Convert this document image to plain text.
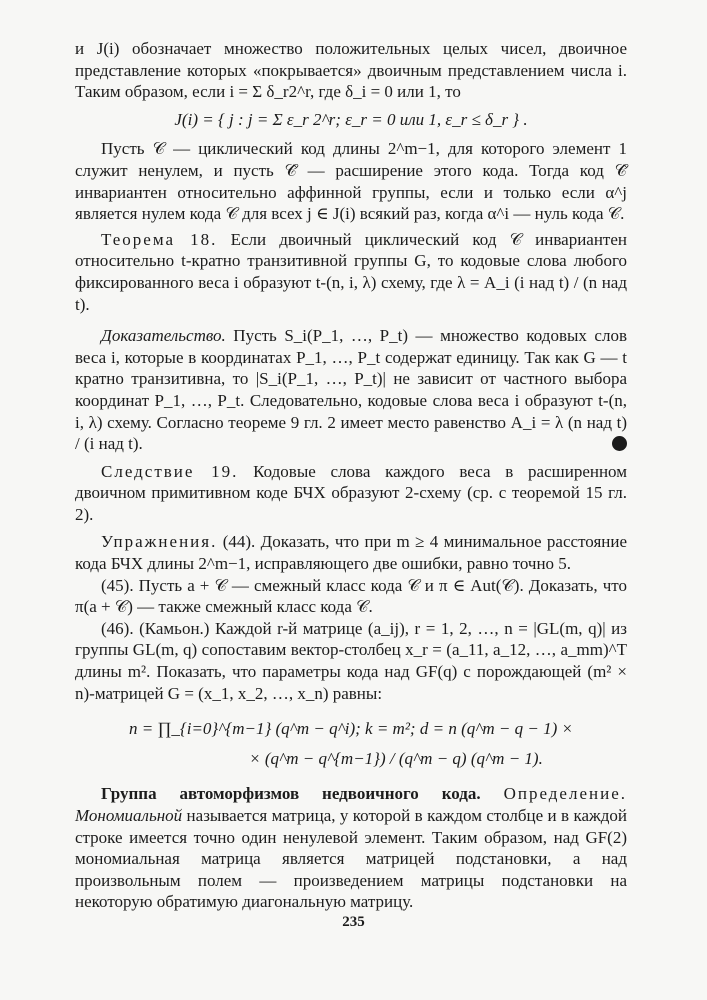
и J(i) обозначает множество положительных целых чисел, двоичное представление которых «покрывается» двоичным представлением числа i. Таким образом, если i = Σ δ_r2^r, где δ_i = 0 или 1, то

J(i) = { j : j = Σ ε_r 2^r; ε_r = 0 или 1, ε_r ≤ δ_r } .

Пусть 𝒞 — циклический код длины 2^m−1, для которого элемент 1 служит ненулем, и пусть 𝒞̂ — расширение этого кода. Тогда код 𝒞̂ инвариантен относительно аффинной группы, если и только если α^j является нулем кода 𝒞 для всех j ∈ J(i) всякий раз, когда α^i — нуль кода 𝒞.

Теорема 18. Если двоичный циклический код 𝒞 инвариантен относительно t-кратно транзитивной группы G, то кодовые слова любого фиксированного веса i образуют t-(n, i, λ) схему, где λ = A_i (i над t) / (n над t).

Доказательство. Пусть S_i(P_1, …, P_t) — множество кодовых слов веса i, которые в координатах P_1, …, P_t содержат единицу. Так как G — t кратно транзитивна, то |S_i(P_1, …, P_t)| не зависит от частного выбора координат P_1, …, P_t. Следовательно, кодовые слова веса i образуют t-(n, i, λ) схему. Согласно теореме 9 гл. 2 имеет место равенство A_i = λ (n над t) / (i над t).

Следствие 19. Кодовые слова каждого веса в расширенном двоичном примитивном коде БЧХ образуют 2-схему (ср. с теоремой 15 гл. 2).

Упражнения. (44). Доказать, что при m ≥ 4 минимальное расстояние кода БЧХ длины 2^m−1, исправляющего две ошибки, равно точно 5.

(45). Пусть a + 𝒞 — смежный класс кода 𝒞 и π ∈ Aut(𝒞). Доказать, что π(a + 𝒞) — также смежный класс кода 𝒞.

(46). (Камьон.) Каждой r-й матрице (a_ij), r = 1, 2, …, n = |GL(m, q)| из группы GL(m, q) сопоставим вектор-столбец x_r = (a_11, a_12, …, a_mm)^T длины m². Показать, что параметры кода над GF(q) с порождающей (m² × n)-матрицей G = (x_1, x_2, …, x_n) равны:

n = ∏_{i=0}^{m−1} (q^m − q^i); k = m²; d = n (q^m − q − 1) ×

× (q^m − q^{m−1}) / (q^m − q) (q^m − 1).

Группа автоморфизмов недвоичного кода. Определение. Мономиальной называется матрица, у которой в каждом столбце и в каждой строке имеется точно один ненулевой элемент. Таким образом, над GF(2) мономиальная матрица является матрицей подстановки, а над произвольным полем — произведением матрицы подстановки на некоторую обратимую диагональную матрицу.

235
